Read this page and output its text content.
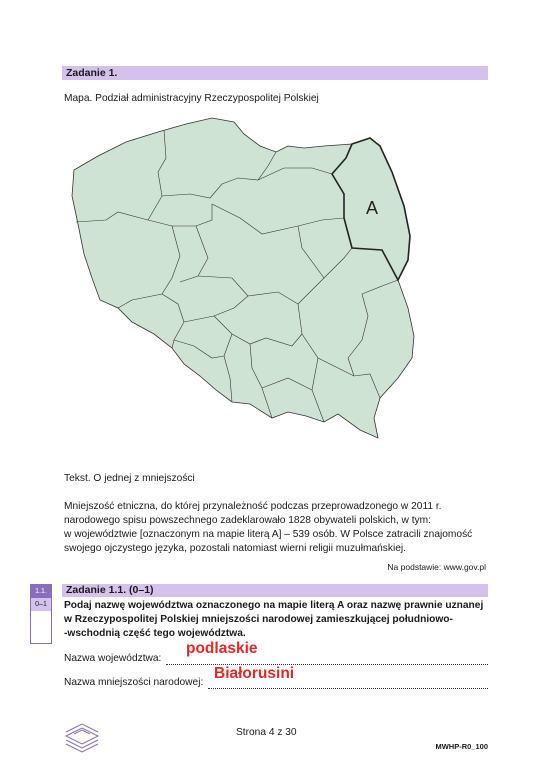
Zadanie 1.
Mapa. Podział administracyjny Rzeczypospolitej Polskiej
A
Tekst. O jednej z mniejszości
Mniejszość etniczna, do której przynależność podczas przeprowadzonego w 2011 r.
narodowego spisu powszechnego zadeklarowało 1828 obywateli polskich, w tym:
w województwie [oznaczonym na mapie literą A] – 539 osób. W Polsce zatracili znajomość
swojego ojczystego języka, pozostali natomiast wierni religii muzułmańskiej.
Na podstawie: www.gov.pl
1.1.
0–1
Zadanie 1.1. (0–1)
Podaj nazwę województwa oznaczonego na mapie literą A oraz nazwę prawnie uznanej
w Rzeczypospolitej Polskiej mniejszości narodowej zamieszkującej południowo-
-wschodnią część tego województwa.
Nazwa województwa:
podlaskie
Nazwa mniejszości narodowej:
Białorusini
Strona 4 z 30
MWHP-R0_100
